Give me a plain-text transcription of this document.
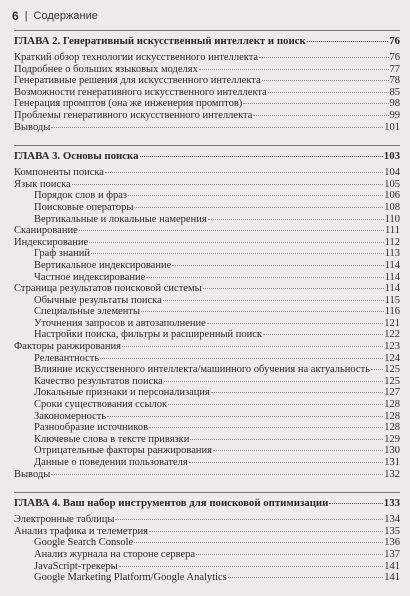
6 | Содержание
ГЛАВА 2. Генеративный искусственный интеллект и поиск	76
Краткий обзор технологии искусственного интеллекта	76
Подробнее о больших языковых моделях	77
Генеративные решения для искусственного интеллекта	78
Возможности генеративного искусственного интеллекта	85
Генерация промптов (она же инженерия промптов)	98
Проблемы генеративного искусственного интеллекта	99
Выводы	101
ГЛАВА 3. Основы поиска	103
Компоненты поиска	104
Язык поиска	105
Порядок слов и фраз	106
Поисковые операторы	108
Вертикальные и локальные намерения	110
Сканирование	111
Индексирование	112
Граф знаний	113
Вертикальное индексирование	114
Частное индексирование	114
Страница результатов поисковой системы	114
Обычные результаты поиска	115
Специальные элементы	116
Уточнения запросов и автозаполнение	121
Настройки поиска, фильтры и расширенный поиск	122
Факторы ранжирования	123
Релевантность	124
Влияние искусственного интеллекта/машинного обучения на актуальность 125
Качество результатов поиска	125
Локальные признаки и персонализация	127
Сроки существования ссылок	128
Закономерность	128
Разнообразие источников	128
Ключевые слова в тексте привязки	129
Отрицательные факторы ранжирования	130
Данные о поведении пользователя	131
Выводы	132
ГЛАВА 4. Ваш набор инструментов для поисковой оптимизации	133
Электронные таблицы	134
Анализ трафика и телеметрия	135
Google Search Console	136
Анализ журнала на стороне сервера	137
JavaScript-трекеры	141
Google Marketing Platform/Google Analytics	141
